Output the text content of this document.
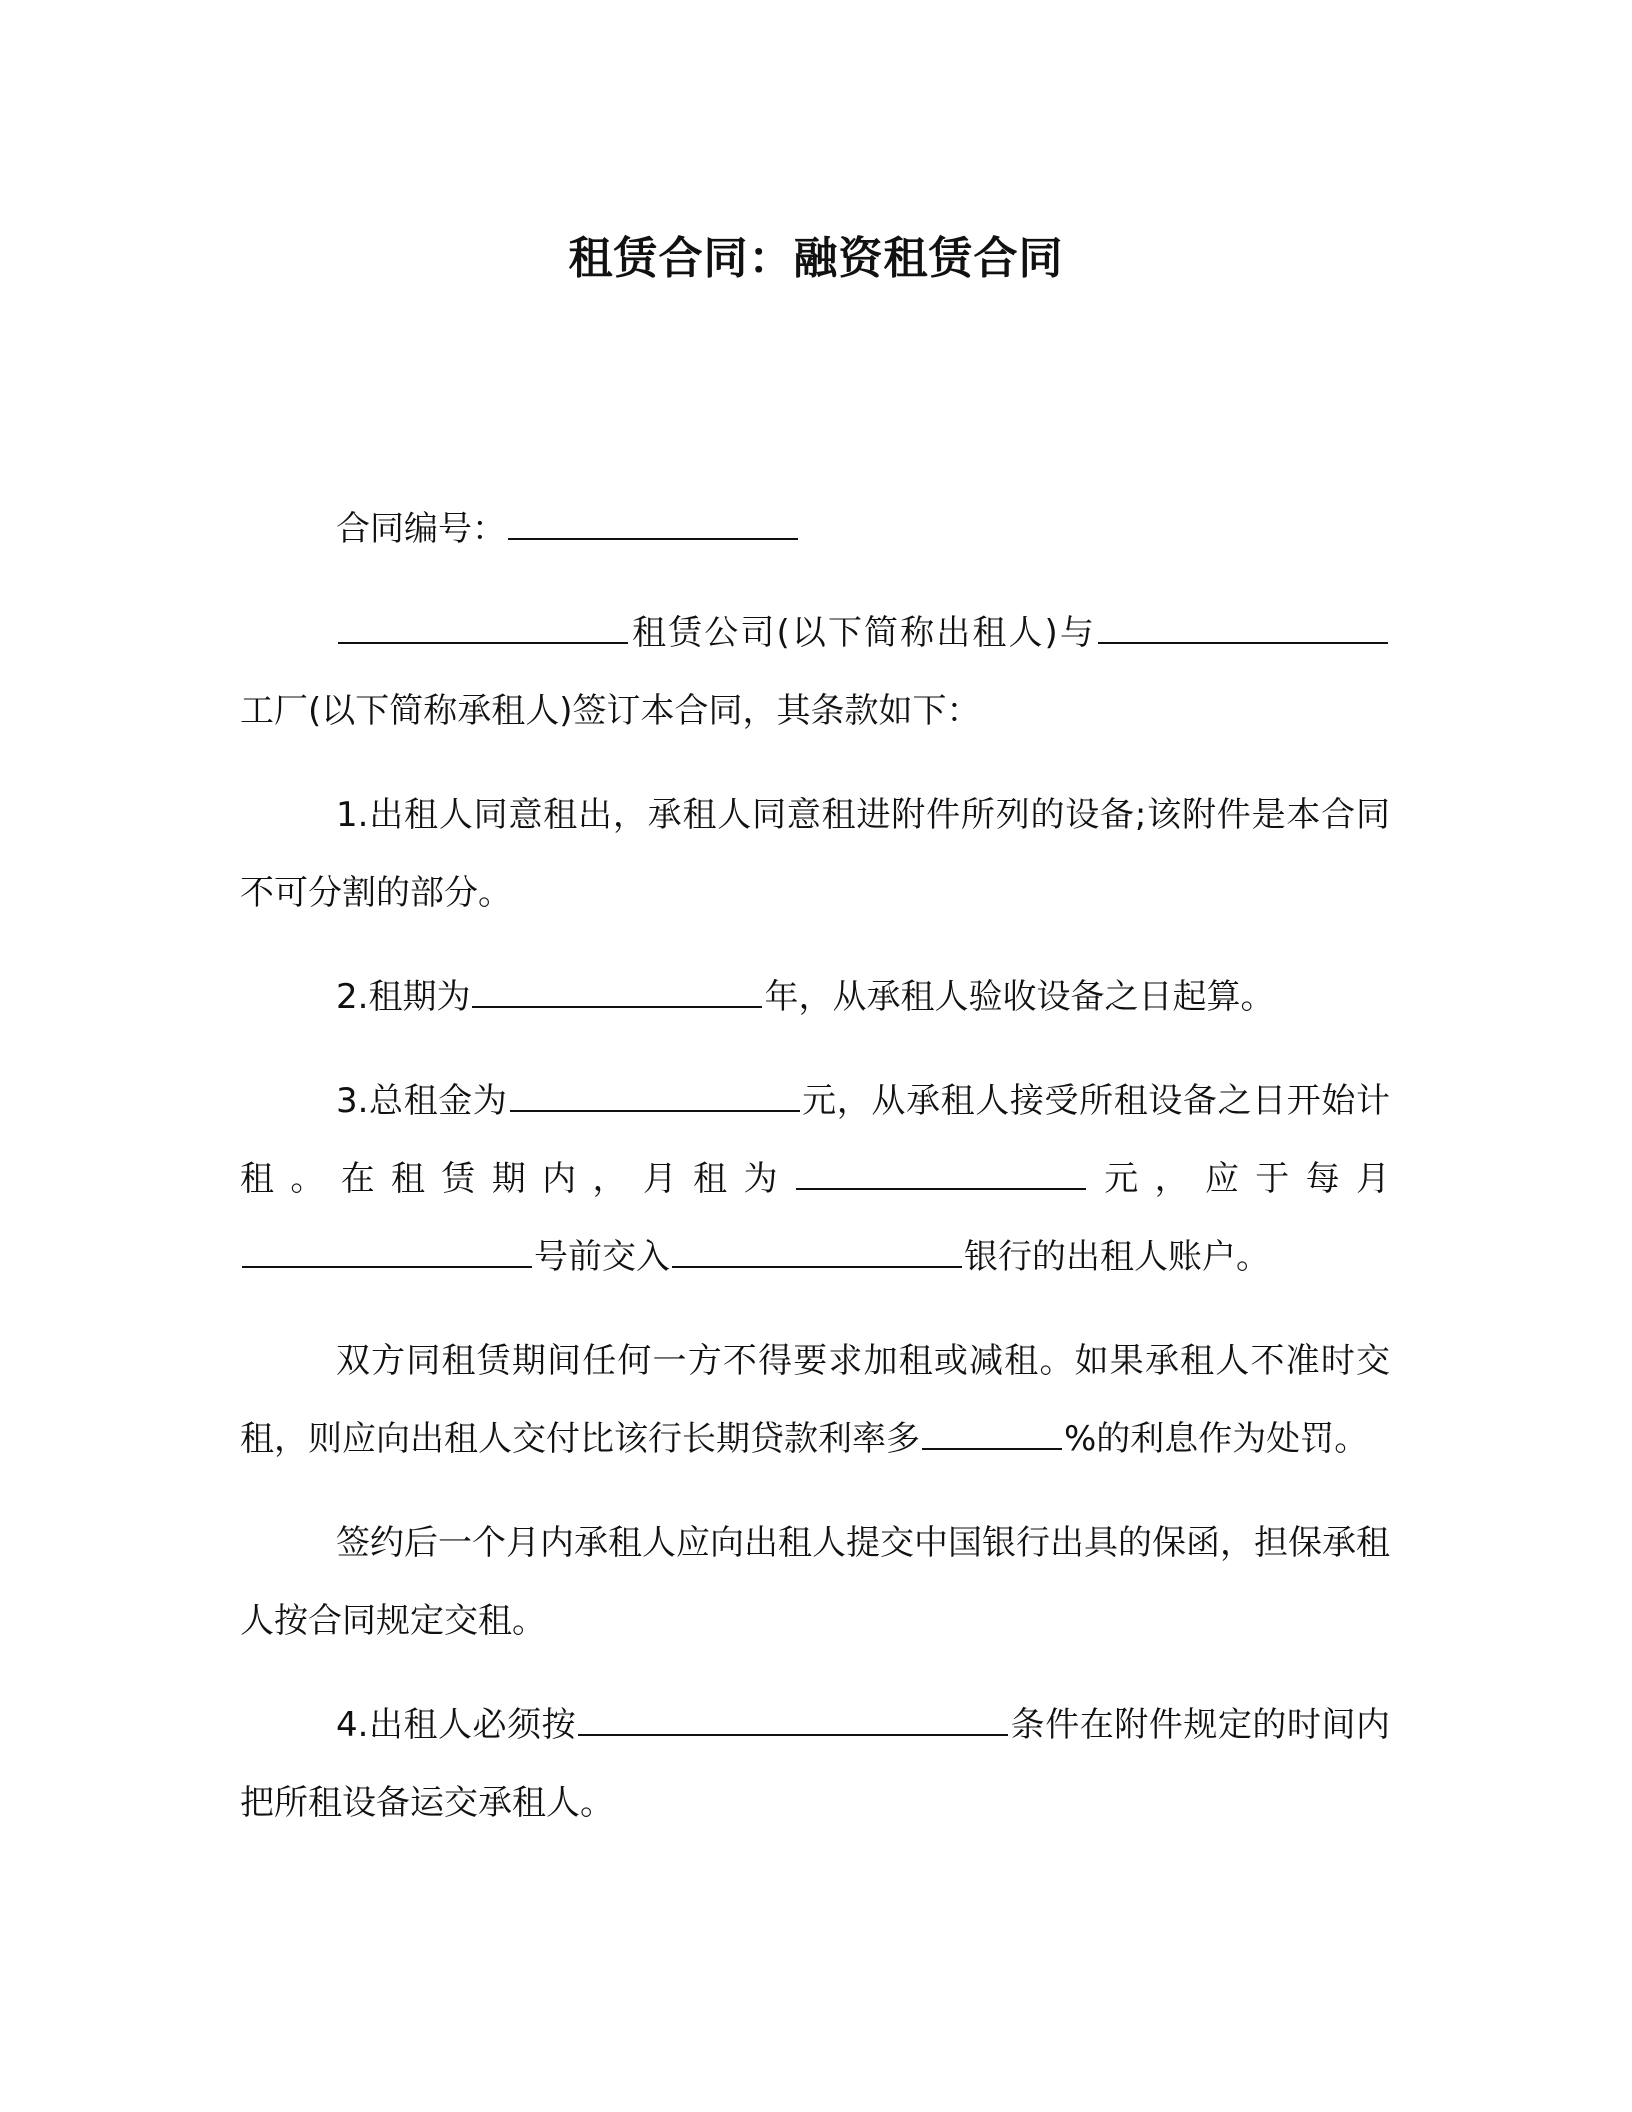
租赁合同：融资租赁合同

合同编号：

租赁公司(以下简称出租人)与工厂(以下简称承租人)签订本合同，其条款如下：

1.出租人同意租出，承租人同意租进附件所列的设备;该附件是本合同不可分割的部分。

2.租期为	年，从承租人验收设备之日起算。

3.总租金为	元，从承租人接受所租设备之日开始计租。在租赁期内，月租为	元，应于每月号前交入	银行的出租人账户。

双方同租赁期间任何一方不得要求加租或减租。如果承租人不准时交租，则应向出租人交付比该行长期贷款利率多	%的利息作为处罚。

签约后一个月内承租人应向出租人提交中国银行出具的保函，担保承租人按合同规定交租。

4.出租人必须按	条件在附件规定的时间内把所租设备运交承租人。
